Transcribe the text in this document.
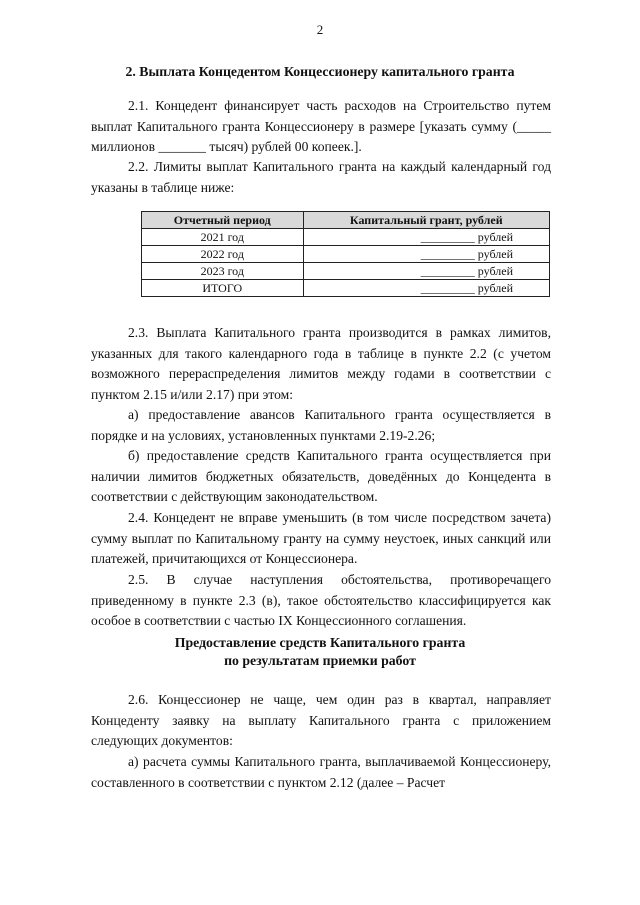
2
2. Выплата Концедентом Концессионеру капитального гранта
2.1. Концедент финансирует часть расходов на Строительство путем выплат Капитального гранта Концессионеру в размере [указать сумму (_____ миллионов _______ тысяч) рублей 00 копеек.].
2.2. Лимиты выплат Капитального гранта на каждый календарный год указаны в таблице ниже:
Отчетный период	Капитальный грант, рублей
2021 год	_________ рублей
2022 год	_________ рублей
2023 год	_________ рублей
ИТОГО	_________ рублей
2.3. Выплата Капитального гранта производится в рамках лимитов, указанных для такого календарного года в таблице в пункте 2.2 (с учетом возможного перераспределения лимитов между годами в соответствии с пунктом 2.15 и/или 2.17) при этом:
а) предоставление авансов Капитального гранта осуществляется в порядке и на условиях, установленных пунктами 2.19-2.26;
б) предоставление средств Капитального гранта осуществляется при наличии лимитов бюджетных обязательств, доведённых до Концедента в соответствии с действующим законодательством.
2.4. Концедент не вправе уменьшить (в том числе посредством зачета) сумму выплат по Капитальному гранту на сумму неустоек, иных санкций или платежей, причитающихся от Концессионера.
2.5. В случае наступления обстоятельства, противоречащего приведенному в пункте 2.3 (в), такое обстоятельство классифицируется как особое в соответствии с частью IX Концессионного соглашения.
Предоставление средств Капитального гранта
по результатам приемки работ
2.6. Концессионер не чаще, чем один раз в квартал, направляет Концеденту заявку на выплату Капитального гранта с приложением следующих документов:
а) расчета суммы Капитального гранта, выплачиваемой Концессионеру, составленного в соответствии с пунктом 2.12 (далее – Расчет
